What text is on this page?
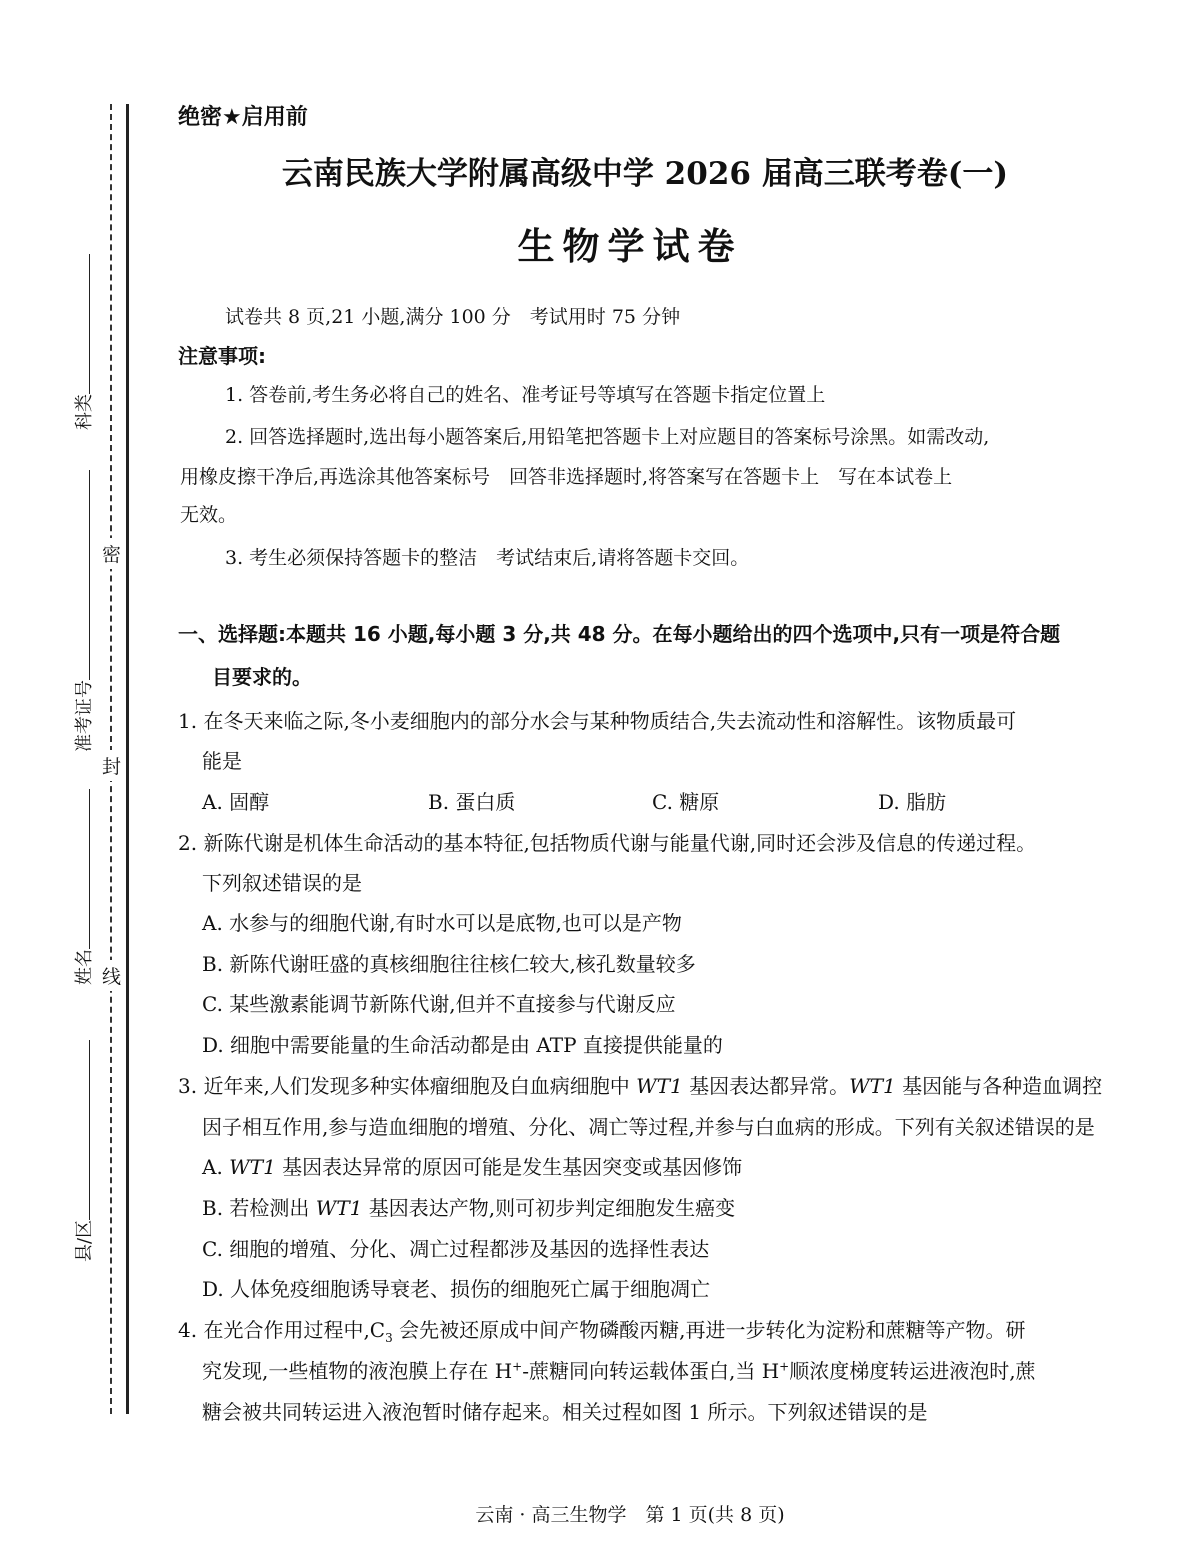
密
封
线
科类
准考证号
姓名
县/区
绝密★启用前
云南民族大学附属高级中学 2026 届高三联考卷(一)
生物学试卷
试卷共 8 页,21 小题,满分 100 分　考试用时 75 分钟
注意事项:
1. 答卷前,考生务必将自己的姓名、准考证号等填写在答题卡指定位置上
2. 回答选择题时,选出每小题答案后,用铅笔把答题卡上对应题目的答案标号涂黑。如需改动,
用橡皮擦干净后,再选涂其他答案标号　回答非选择题时,将答案写在答题卡上　写在本试卷上
无效。
3. 考生必须保持答题卡的整洁　考试结束后,请将答题卡交回。
一、选择题:本题共 16 小题,每小题 3 分,共 48 分。在每小题给出的四个选项中,只有一项是符合题
目要求的。
1. 在冬天来临之际,冬小麦细胞内的部分水会与某种物质结合,失去流动性和溶解性。该物质最可
能是
A. 固醇	B. 蛋白质	C. 糖原	D. 脂肪
2. 新陈代谢是机体生命活动的基本特征,包括物质代谢与能量代谢,同时还会涉及信息的传递过程。
下列叙述错误的是
A. 水参与的细胞代谢,有时水可以是底物,也可以是产物
B. 新陈代谢旺盛的真核细胞往往核仁较大,核孔数量较多
C. 某些激素能调节新陈代谢,但并不直接参与代谢反应
D. 细胞中需要能量的生命活动都是由 ATP 直接提供能量的
3. 近年来,人们发现多种实体瘤细胞及白血病细胞中 WT1 基因表达都异常。WT1 基因能与各种造血调控
因子相互作用,参与造血细胞的增殖、分化、凋亡等过程,并参与白血病的形成。下列有关叙述错误的是
A. WT1 基因表达异常的原因可能是发生基因突变或基因修饰
B. 若检测出 WT1 基因表达产物,则可初步判定细胞发生癌变
C. 细胞的增殖、分化、凋亡过程都涉及基因的选择性表达
D. 人体免疫细胞诱导衰老、损伤的细胞死亡属于细胞凋亡
4. 在光合作用过程中$,C_3$ 会先被还原成中间产物磷酸丙糖,再进一步转化为淀粉和蔗糖等产物。研
究发现,一些植物的液泡膜上存在 H+-蔗糖同向转运载体蛋白,当 H+顺浓度梯度转运进液泡时,蔗
糖会被共同转运进入液泡暂时储存起来。相关过程如图 1 所示。下列叙述错误的是
云南 · 高三生物学　第 1 页(共 8 页)
